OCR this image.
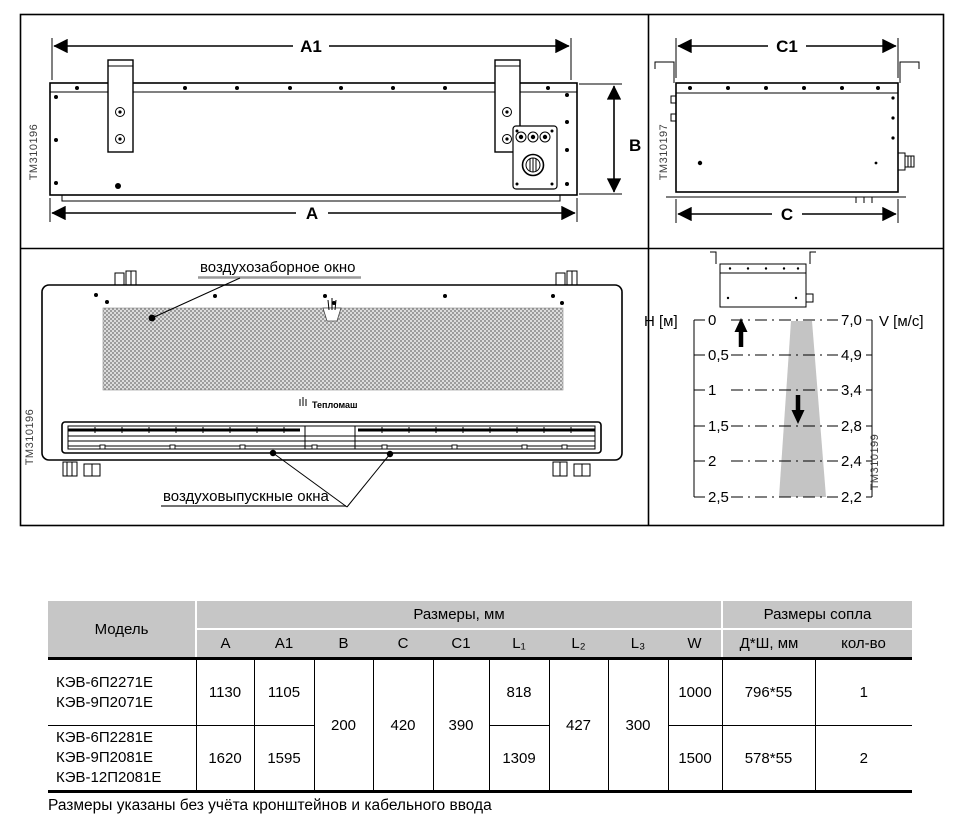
A1
A
B
TM310196
C1
C
TM310197
Тепломаш
воздухозаборное окно
воздуховыпускные окна
TM310196
Н [м]	V [м/с]
0
0,5
1
1,5
2
2,5
7,0
4,9
3,4
2,8
2,4
2,2
TM310199
Модель	Размеры, мм									Размеры сопла	
	A	A1	B	C	C1	L₁	L₂	L₃	W	Д*Ш, мм	кол-во

КЭВ-6П2271Е
КЭВ-9П2071Е	1130	1105	200	420	390	818	427	300	1000	796*55	1

КЭВ-6П2281Е
КЭВ-9П2081Е
КЭВ-12П2081Е	1620	1595				1309			1500	578*55	2
Размеры указаны без учёта кронштейнов и кабельного ввода
